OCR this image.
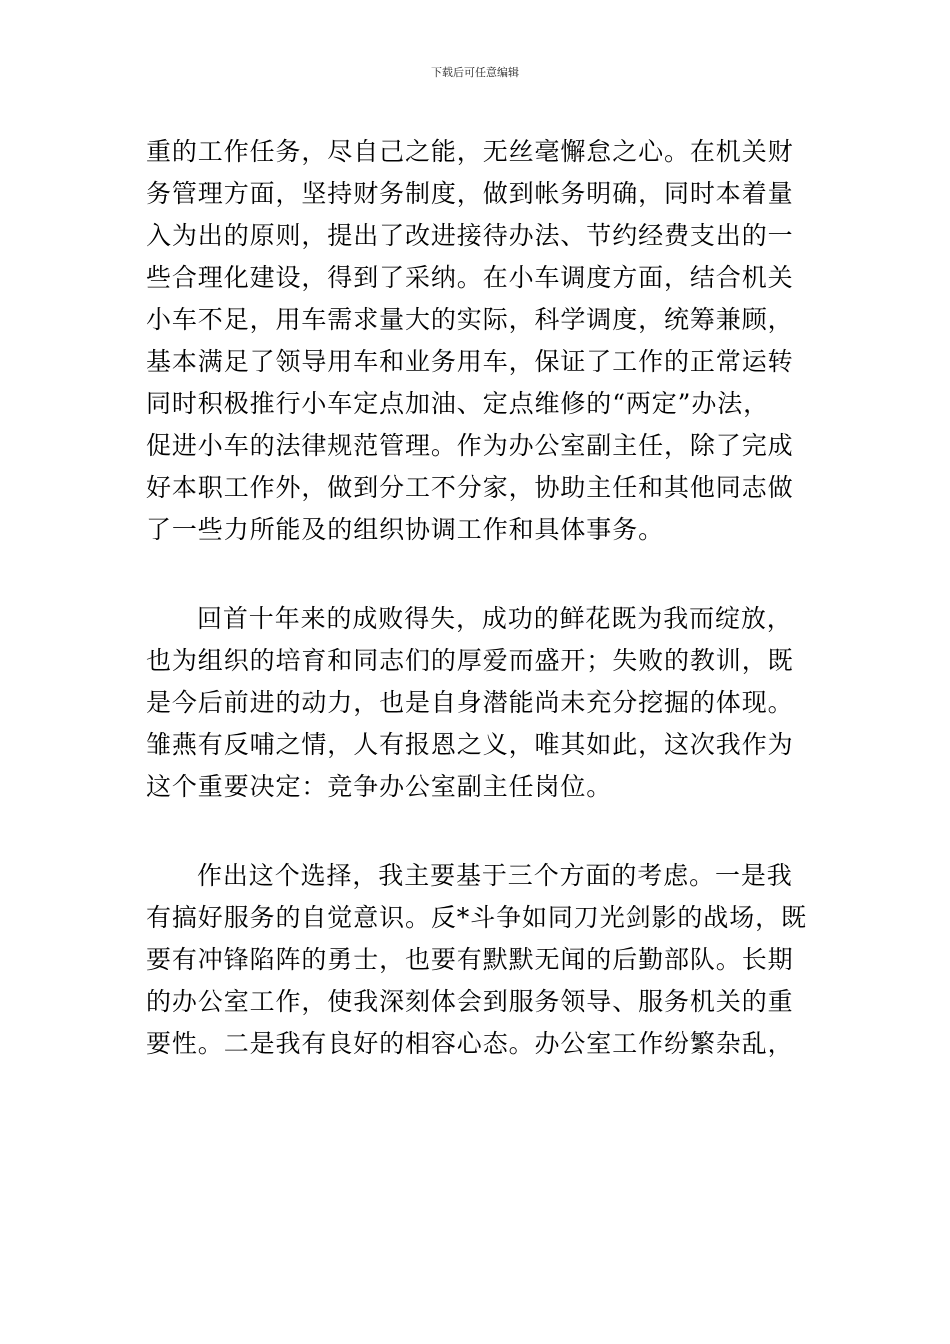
下载后可任意编辑
重的工作任务，尽自己之能，无丝毫懈怠之心。在机关财
务管理方面，坚持财务制度，做到帐务明确，同时本着量
入为出的原则，提出了改进接待办法、节约经费支出的一
些合理化建设，得到了采纳。在小车调度方面，结合机关
小车不足，用车需求量大的实际，科学调度，统筹兼顾，
基本满足了领导用车和业务用车，保证了工作的正常运转
同时积极推行小车定点加油、定点维修的“两定”办法，
促进小车的法律规范管理。作为办公室副主任，除了完成
好本职工作外，做到分工不分家，协助主任和其他同志做
了一些力所能及的组织协调工作和具体事务。
回首十年来的成败得失，成功的鲜花既为我而绽放，
也为组织的培育和同志们的厚爱而盛开；失败的教训，既
是今后前进的动力，也是自身潜能尚未充分挖掘的体现。
雏燕有反哺之情，人有报恩之义，唯其如此，这次我作为
这个重要决定：竞争办公室副主任岗位。
作出这个选择，我主要基于三个方面的考虑。一是我
有搞好服务的自觉意识。反*斗争如同刀光剑影的战场，既
要有冲锋陷阵的勇士，也要有默默无闻的后勤部队。长期
的办公室工作，使我深刻体会到服务领导、服务机关的重
要性。二是我有良好的相容心态。办公室工作纷繁杂乱，
